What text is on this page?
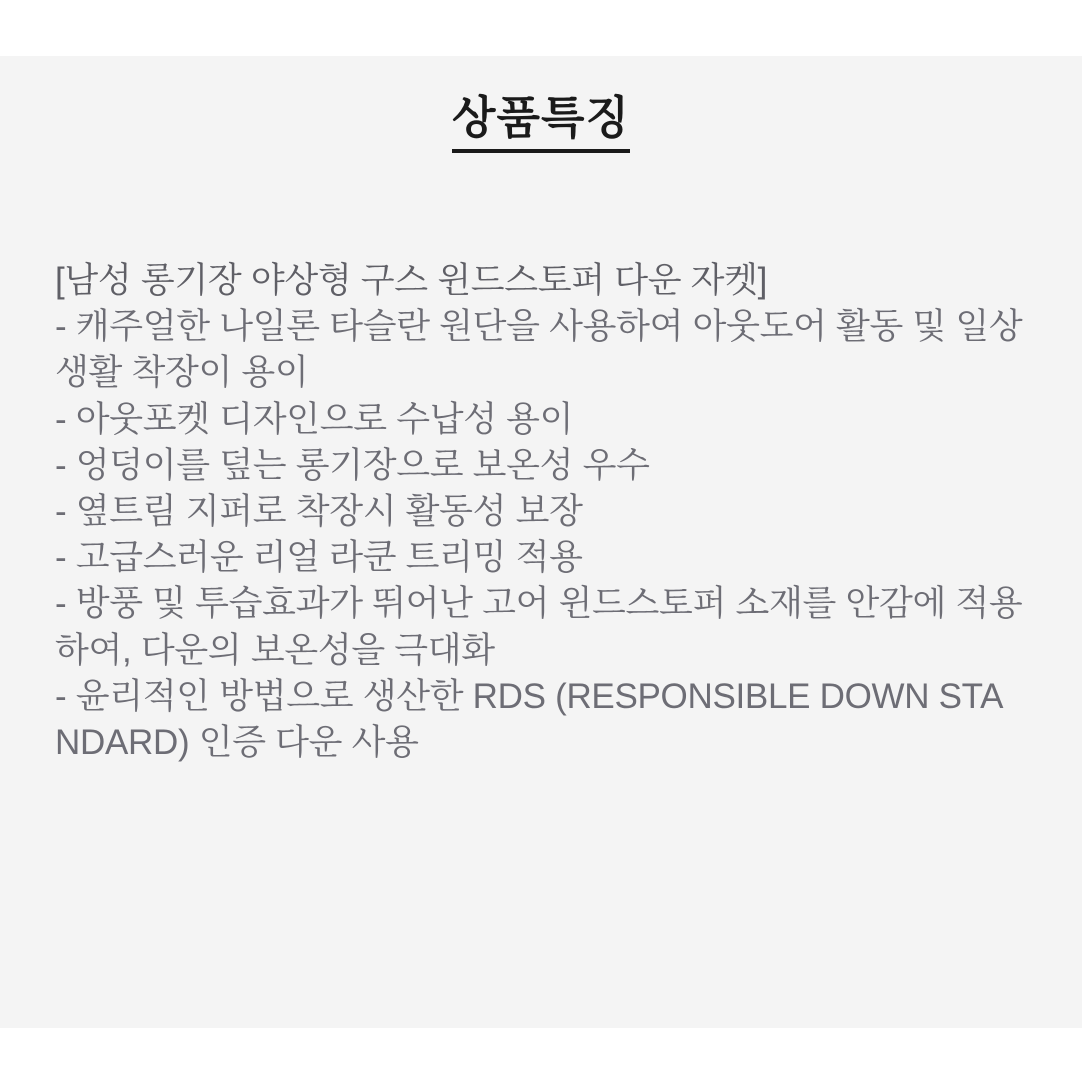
상품특징
[남성 롱기장 야상형 구스 윈드스토퍼 다운 자켓]
- 캐주얼한 나일론 타슬란 원단을 사용하여 아웃도어 활동 및 일상생활 착장이 용이
- 아웃포켓 디자인으로 수납성 용이
- 엉덩이를 덮는 롱기장으로 보온성 우수
- 옆트림 지퍼로 착장시 활동성 보장
- 고급스러운 리얼 라쿤 트리밍 적용
- 방풍 및 투습효과가 뛰어난 고어 윈드스토퍼 소재를 안감에 적용하여, 다운의 보온성을 극대화
- 윤리적인 방법으로 생산한 RDS (RESPONSIBLE DOWN STANDARD) 인증 다운 사용
